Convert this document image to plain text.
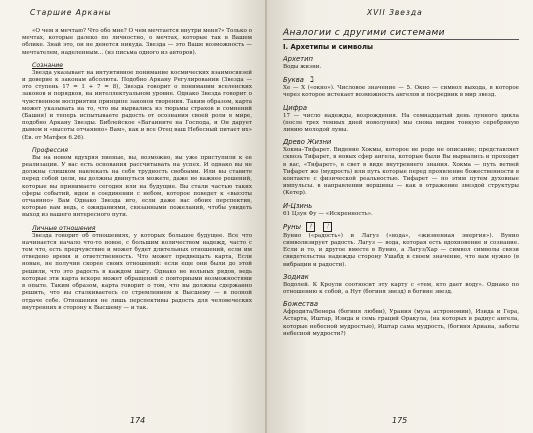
Старшие Арканы

«О чем я мечтаю? Что обо мне? О чем мечтается внутри меня?» Только о мечтах, которые далеко по личностно, о мечтах, которые так в Вашем облике. Знай это, он не денется никуда. Звезда — это Ваше возможность — мечтателем, наделенным... (из письма одного из авторов).

Сознание

Звезда указывает на интуитивное понимание космических взаимосвязей и доверие к законам абсолюта. Подобно Аркану Регулировании (Звезда — это ступень 17 = 1 + 7 = 8), Звезда говорит о понимании вселенских законов и порядков, на интеллектуальном уровне. Однако Звезда говорит о чувственном восприятии принципе законов творения. Таким образом, карта может указывать на то, что вы вырвались из тюрьмы страхов и сомнений (Башня) и теперь испытываете радость от осознания своей роли в мире, подобно Аркану Звезды. Библейское «Вагаините на Господа, и Он дарует дымом и «высоты отчаянно» Вам», как и все Отец ваш Небесный питает их» (Ев. от Матфея 6.26).

Профессия

Вы на новом вдухряя пиеные, вы, возможно, вы уже приступили к ее реализации. У вас есть основания рассчитывать на успех. И однако вы не должны слишком навлекать на себя трудность свобоами. Или вы ставите перед собой цели, вы должны двинуться можете, даже не важнее решений, которые вы принимаете сегодня или на будущие. Вы стали частью таких сферы событий, идеи в соединении с небом, которое поведет к «высоты отчаянно» Вам Однако Звезда иго, если даже вас обоих перспектив, которые вам ведь, с ожиданиями, связанными пожеланий, чтобы увидеть выход из вашего интересного пути.

Личные отношения

Звезда говорит об отношениях, у которых большое будущее. Все что начинается начало что-то новое, с большим количеством надежд, часто с тем что, есть предчувствие и может будет длительных отношений, если им отведено время и ответственность. Что может предвещать карта, Если новые, не получив скорее своих отношений: если еще они были до этой решили, что это радость в каждом шагу. Однако не вольных рядов, ведь которые эти карта вскоре может обращений с повторными возможностями в опыте. Таким образом, карта говорит о том, что вы должны сдержанно решить, что вы сталкиваетесь со стремлением к Высшему — в полной отдаче себе. Отношения не лишь перспективы радость для человеческих внутренних в сторону к Высшему — и так.

174
XVII Звезда
Аналогии с другими системами
I. Архетипы и символы
Архетип

Воды жизни.

Буква ℷ

Хе — Х («окно»). Числовое значение — 5. Окно — символ выхода, в которое через которое истекает возможность ангелов и посредник в мир звезд.

Цифра

17 — число надежды, возрождения. На семнадцатый день лунного цикла (после трех темных дней новолуния) мы снова видим тонкую серебряную линию молодой луны.

Древо Жизни

Хокма–Тифарет. Видение Хокмы, которое не роде не описание; представляет сквозь Тифарет, в новых сфер ангела, которые были Вы вырвались и проходит в вас, «Тифарет», в свет в виде внутреннего знания. Хокма — путь ветвей Тифарет же (мудрость) или путь которые перед проявление божественности в контакте с физической реальностью. Тифарет — по этим путем духовные импульсы. в направлении вершины — как в отражение звездой структуры (Кетер).

И-Цзинь

61 Цзун Фу — «Искренность».

Руны ᚹ	ᛚ

Вунио («радость») и Лагуз («вода», «жизненная энергия»). Вунио символизирует радость. Лагуз — вода, которая есть вдохновение и сознание. Если и то, и другое вместе в Вунио, а Лагуз/Хар — символ символы связи свидетельства надежды сторону Ушабд в своем значение, что вам нужно (в вибрации и радости).

Зодиак

Водолей. К Кроули соотносит эту карту с «тем, кто дает воду». Однако по отношению к собой, а Нут (богиня звезд) в богине звезд.

Божества

Афродита/Венера (богиня любви), Урания (муза астрономии), Изида и Гера, Астарта, Иштар, Изида и семь граций Оракула, (на которых в радиус ангела, которые небесной мудростью), Иштар сама мудрость, (богиня Ариана, заботы небесной мудрости?)

175
